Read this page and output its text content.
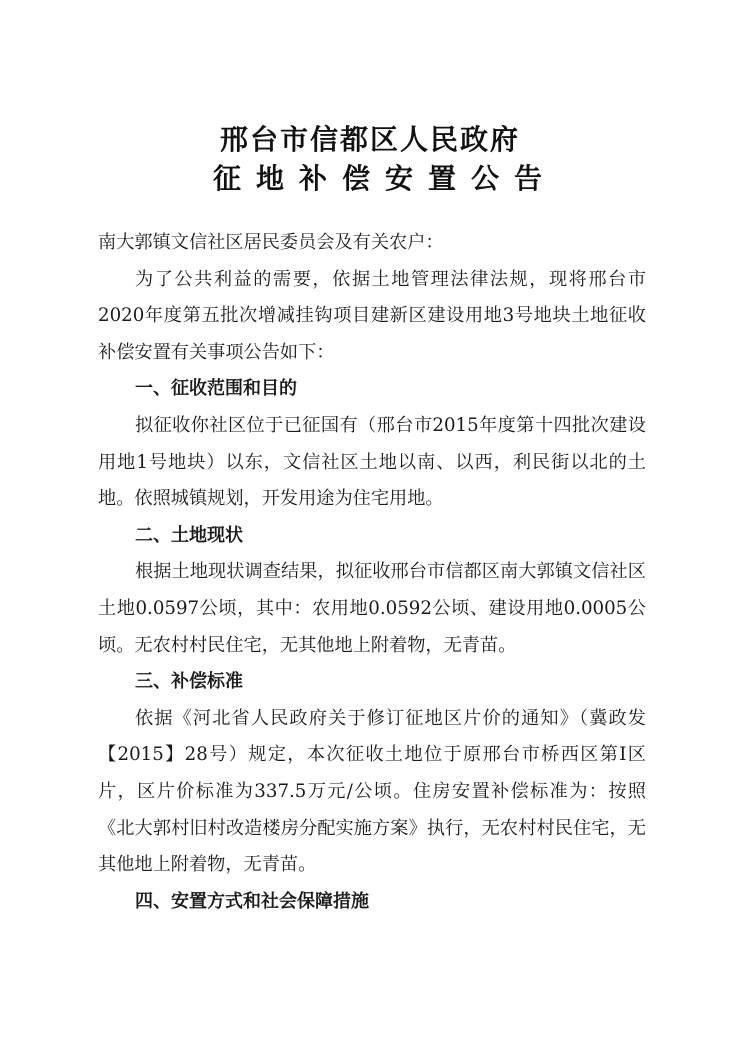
邢台市信都区人民政府
征地补偿安置公告

南大郭镇文信社区居民委员会及有关农户：

为了公共利益的需要，依据土地管理法律法规，现将邢台市2020年度第五批次增减挂钩项目建新区建设用地3号地块土地征收补偿安置有关事项公告如下：

一、征收范围和目的

拟征收你社区位于已征国有（邢台市2015年度第十四批次建设用地1号地块）以东，文信社区土地以南、以西，利民街以北的土地。依照城镇规划，开发用途为住宅用地。

二、土地现状

根据土地现状调查结果，拟征收邢台市信都区南大郭镇文信社区土地0.0597公顷，其中：农用地0.0592公顷、建设用地0.0005公顷。无农村村民住宅，无其他地上附着物，无青苗。

三、补偿标准

依据《河北省人民政府关于修订征地区片价的通知》（冀政发【2015】28号）规定，本次征收土地位于原邢台市桥西区第Ⅰ区片，区片价标准为337.5万元/公顷。住房安置补偿标准为：按照《北大郭村旧村改造楼房分配实施方案》执行，无农村村民住宅，无其他地上附着物，无青苗。

四、安置方式和社会保障措施
